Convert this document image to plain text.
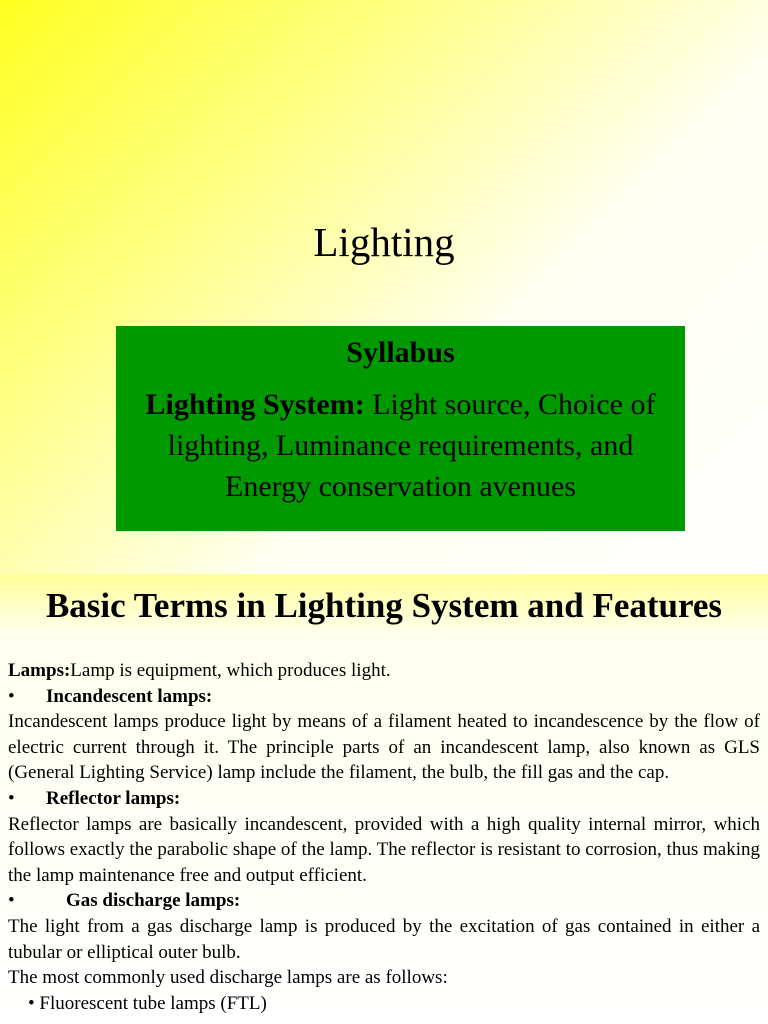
Lighting

Syllabus

Lighting System: Light source, Choice of lighting, Luminance requirements, and Energy conservation avenues

Basic Terms in Lighting System and Features

Lamps:Lamp is equipment, which produces light.

•	Incandescent lamps:

Incandescent lamps produce light by means of a filament heated to incandescence by the flow of electric current through it. The principle parts of an incandescent lamp, also known as GLS (General Lighting Service) lamp include the filament, the bulb, the fill gas and the cap.

•	Reflector lamps:

Reflector lamps are basically incandescent, provided with a high quality internal mirror, which follows exactly the parabolic shape of the lamp. The reflector is resistant to corrosion, thus making the lamp maintenance free and output efficient.

•	Gas discharge lamps:

The light from a gas discharge lamp is produced by the excitation of gas contained in either a tubular or elliptical outer bulb.

The most commonly used discharge lamps are as follows:

• Fluorescent tube lamps (FTL)
